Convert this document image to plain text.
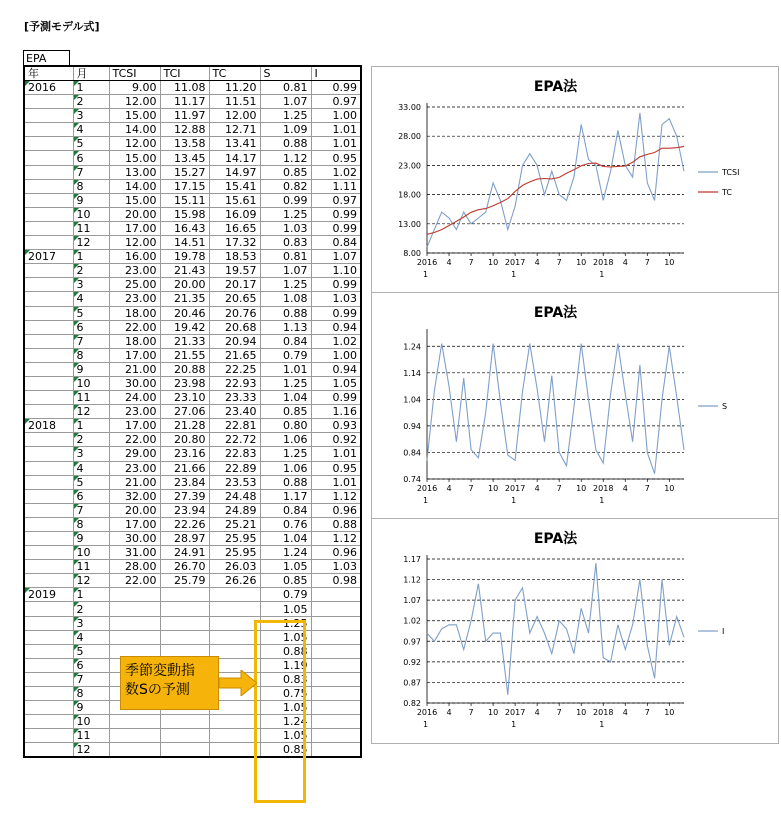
[予測モデル式]
EPA
年	月	TCSI	TCI	TC	S	I
2016	1	9.00	11.08	11.20	0.81	0.99
	2	12.00	11.17	11.51	1.07	0.97
	3	15.00	11.97	12.00	1.25	1.00
	4	14.00	12.88	12.71	1.09	1.01
	5	12.00	13.58	13.41	0.88	1.01
	6	15.00	13.45	14.17	1.12	0.95
	7	13.00	15.27	14.97	0.85	1.02
	8	14.00	17.15	15.41	0.82	1.11
	9	15.00	15.11	15.61	0.99	0.97
	10	20.00	15.98	16.09	1.25	0.99
	11	17.00	16.43	16.65	1.03	0.99
	12	12.00	14.51	17.32	0.83	0.84
2017	1	16.00	19.78	18.53	0.81	1.07
	2	23.00	21.43	19.57	1.07	1.10
	3	25.00	20.00	20.17	1.25	0.99
	4	23.00	21.35	20.65	1.08	1.03
	5	18.00	20.46	20.76	0.88	0.99
	6	22.00	19.42	20.68	1.13	0.94
	7	18.00	21.33	20.94	0.84	1.02
	8	17.00	21.55	21.65	0.79	1.00
	9	21.00	20.88	22.25	1.01	0.94
	10	30.00	23.98	22.93	1.25	1.05
	11	24.00	23.10	23.33	1.04	0.99
	12	23.00	27.06	23.40	0.85	1.16
2018	1	17.00	21.28	22.81	0.80	0.93
	2	22.00	20.80	22.72	1.06	0.92
	3	29.00	23.16	22.83	1.25	1.01
	4	23.00	21.66	22.89	1.06	0.95
	5	21.00	23.84	23.53	0.88	1.01
	6	32.00	27.39	24.48	1.17	1.12
	7	20.00	23.94	24.89	0.84	0.96
	8	17.00	22.26	25.21	0.76	0.88
	9	30.00	28.97	25.95	1.04	1.12
	10	31.00	24.91	25.95	1.24	0.96
	11	28.00	26.70	26.03	1.05	1.03
	12	22.00	25.79	26.26	0.85	0.98
2019	1				0.79	
	2				1.05	
	3				1.25	
	4				1.05	
	5				0.88	
	6				1.19	
	7				0.83	
	8				0.75	
	9				1.05	
	10				1.24	
	11				1.05	
	12				0.85	
季節変動指
数Sの予測
EPA法
8.00
13.00
18.00
23.00
28.00
33.00
2016
1
4 7 10 2017
1
4 7 10 2018
1
4 7 10
TCSI
TC
EPA法
0.74
0.84
0.94
1.04
1.14
1.24
2016
1
4 7 10 2017
1
4 7 10 2018
1
4 7 10
S
EPA法
0.82
0.87
0.92
0.97
1.02
1.07
1.12
1.17
2016
1
4 7 10 2017
1
4 7 10 2018
1
4 7 10
I
